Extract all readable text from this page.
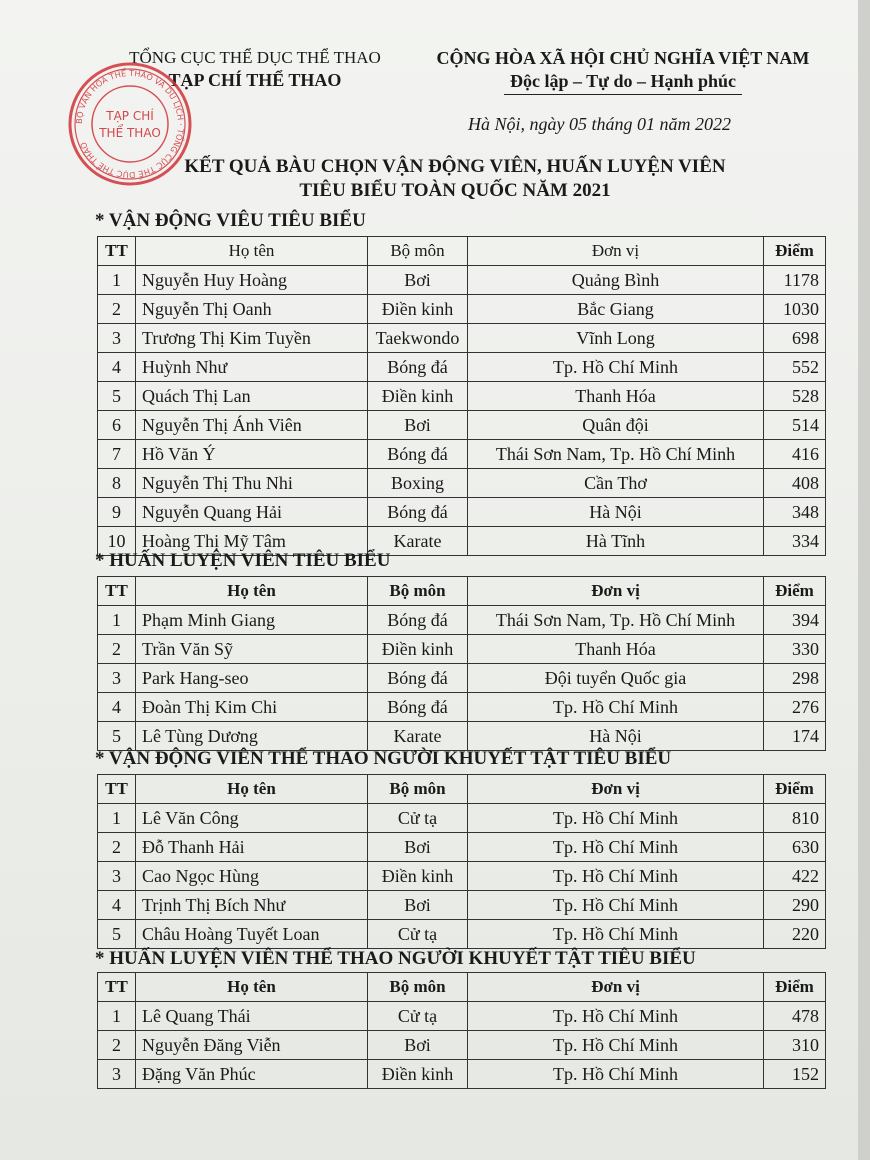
TỔNG CỤC THỂ DỤC THỂ THAO
TẠP CHÍ THỂ THAO
CỘNG HÒA XÃ HỘI CHỦ NGHĨA VIỆT NAM
Độc lập – Tự do – Hạnh phúc
Hà Nội, ngày 05 tháng 01 năm 2022
BỘ VĂN HÓA THỂ THAO VÀ DU LỊCH · TỔNG CỤC THỂ DỤC THỂ THAO
TẠP CHÍ
THỂ THAO
KẾT QUẢ BÀU CHỌN VẬN ĐỘNG VIÊN, HUẤN LUYỆN VIÊN
TIÊU BIỂU TOÀN QUỐC NĂM 2021
* VẬN ĐỘNG VIÊU TIÊU BIỂU
TT	Họ tên	Bộ môn	Đơn vị	Điểm
1	Nguyễn Huy Hoàng	Bơi	Quảng Bình	1178
2	Nguyễn Thị Oanh	Điền kinh	Bắc Giang	1030
3	Trương Thị Kim Tuyền	Taekwondo	Vĩnh Long	698
4	Huỳnh Như	Bóng đá	Tp. Hồ Chí Minh	552
5	Quách Thị Lan	Điền kinh	Thanh Hóa	528
6	Nguyễn Thị Ánh Viên	Bơi	Quân đội	514
7	Hồ Văn Ý	Bóng đá	Thái Sơn Nam, Tp. Hồ Chí Minh	416
8	Nguyễn Thị Thu Nhi	Boxing	Cần Thơ	408
9	Nguyễn Quang Hải	Bóng đá	Hà Nội	348
10	Hoàng Thị Mỹ Tâm	Karate	Hà Tĩnh	334
* HUẤN LUYỆN VIÊN TIÊU BIỂU
TT	Họ tên	Bộ môn	Đơn vị	Điểm
1	Phạm Minh Giang	Bóng đá	Thái Sơn Nam, Tp. Hồ Chí Minh	394
2	Trần Văn Sỹ	Điền kinh	Thanh Hóa	330
3	Park Hang-seo	Bóng đá	Đội tuyển Quốc gia	298
4	Đoàn Thị Kim Chi	Bóng đá	Tp. Hồ Chí Minh	276
5	Lê Tùng Dương	Karate	Hà Nội	174
* VẬN ĐỘNG VIÊN THỂ THAO NGƯỜI KHUYẾT TẬT TIÊU BIỂU
TT	Họ tên	Bộ môn	Đơn vị	Điểm
1	Lê Văn Công	Cử tạ	Tp. Hồ Chí Minh	810
2	Đỗ Thanh Hải	Bơi	Tp. Hồ Chí Minh	630
3	Cao Ngọc Hùng	Điền kinh	Tp. Hồ Chí Minh	422
4	Trịnh Thị Bích Như	Bơi	Tp. Hồ Chí Minh	290
5	Châu Hoàng Tuyết Loan	Cử tạ	Tp. Hồ Chí Minh	220
* HUẤN LUYỆN VIÊN THỂ THAO NGƯỜI KHUYẾT TẬT TIÊU BIỂU
TT	Họ tên	Bộ môn	Đơn vị	Điểm
1	Lê Quang Thái	Cử tạ	Tp. Hồ Chí Minh	478
2	Nguyễn Đăng Viễn	Bơi	Tp. Hồ Chí Minh	310
3	Đặng Văn Phúc	Điền kinh	Tp. Hồ Chí Minh	152
